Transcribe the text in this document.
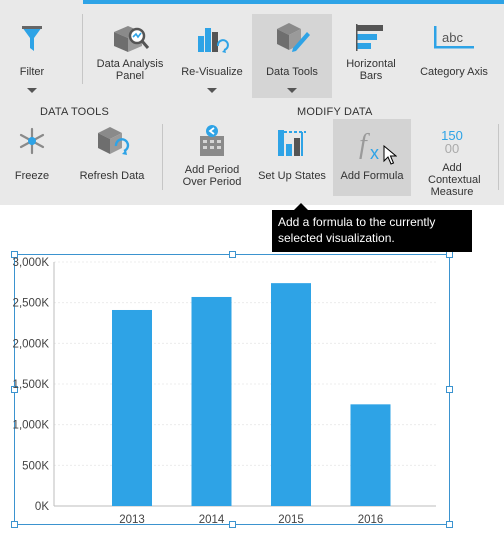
Filter
Data Analysis Panel	Re-Visualize	Data Tools
Horizontal Bars
abc
Category Axis
DATA TOOLS	MODIFY DATA
Freeze	Refresh Data	Add Period Over Period	Set Up States
f x
Add Formula
150
00
Add Contextual Measure
Add a formula to the currently selected visualization.
0K
500K
1,000K
1,500K
2,000K
2,500K
3,000K
2013	2014	2015	2016
